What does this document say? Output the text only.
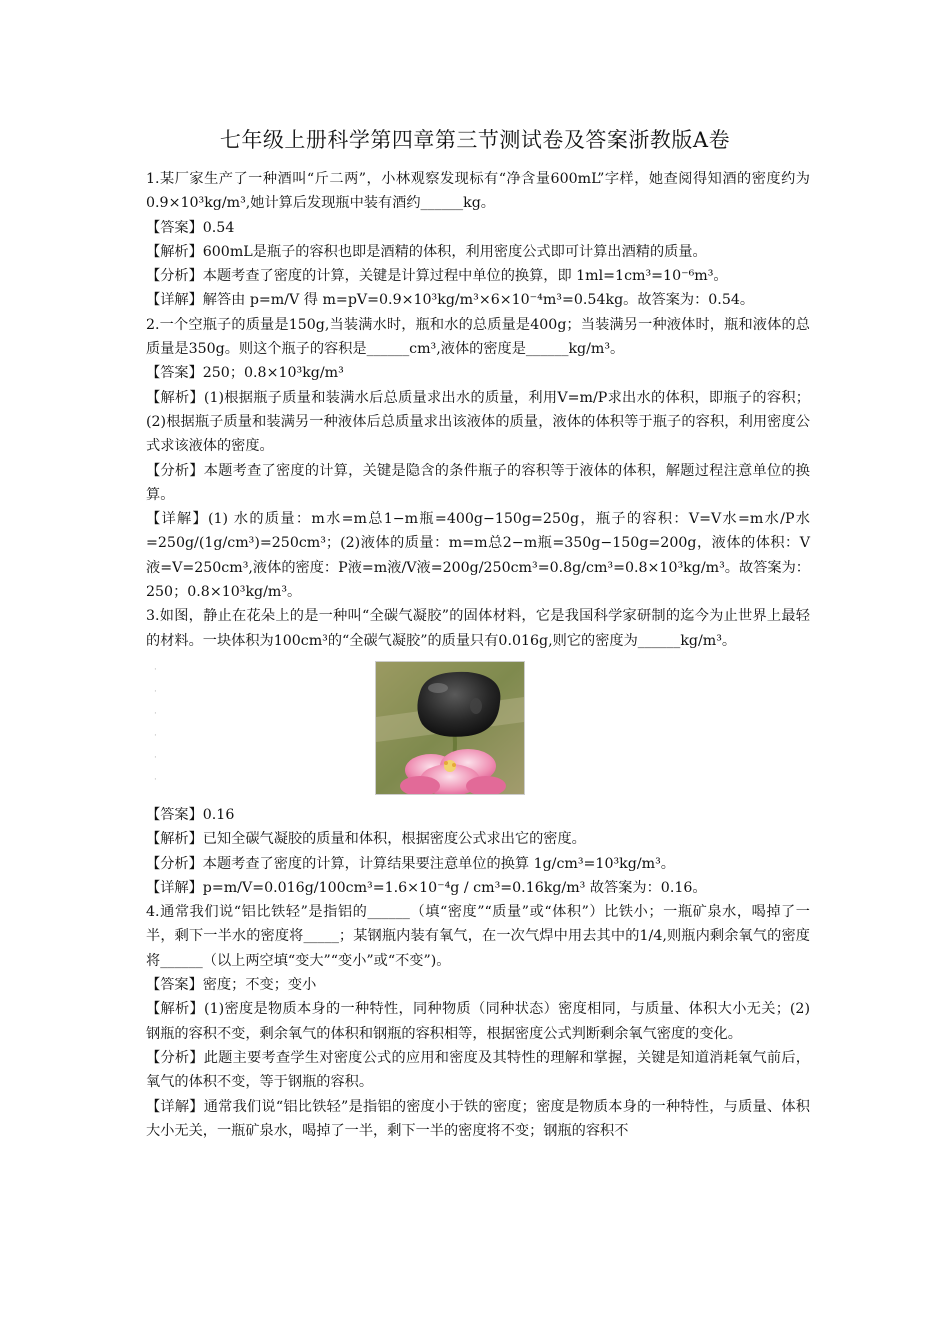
七年级上册科学第四章第三节测试卷及答案浙教版A卷

1.某厂家生产了一种酒叫“斤二两”，小林观察发现标有“净含量600mL”字样，她查阅得知酒的密度约为0.9×10³kg/m³,她计算后发现瓶中装有酒约______kg。

【答案】0.54

【解析】600mL是瓶子的容积也即是酒精的体积，利用密度公式即可计算出酒精的质量。

【分析】本题考查了密度的计算，关键是计算过程中单位的换算，即 1ml=1cm³=10⁻⁶m³。

【详解】解答由 p=m/V 得 m=pV=0.9×10³kg/m³×6×10⁻⁴m³=0.54kg。故答案为：0.54。

2.一个空瓶子的质量是150g,当装满水时，瓶和水的总质量是400g；当装满另一种液体时，瓶和液体的总质量是350g。则这个瓶子的容积是______cm³,液体的密度是______kg/m³。

【答案】250；0.8×10³kg/m³

【解析】(1)根据瓶子质量和装满水后总质量求出水的质量，利用V=m/P求出水的体积，即瓶子的容积；(2)根据瓶子质量和装满另一种液体后总质量求出该液体的质量，液体的体积等于瓶子的容积，利用密度公式求该液体的密度。

【分析】本题考查了密度的计算，关键是隐含的条件瓶子的容积等于液体的体积，解题过程注意单位的换算。

【详解】(1) 水的质量：m水=m总1−m瓶=400g−150g=250g，瓶子的容积：V=V水=m水/P水=250g/(1g/cm³)=250cm³；(2)液体的质量：m=m总2−m瓶=350g−150g=200g，液体的体积：V液=V=250cm³,液体的密度：P液=m液/V液=200g/250cm³=0.8g/cm³=0.8×10³kg/m³。故答案为：250；0.8×10³kg/m³。

3.如图，静止在花朵上的是一种叫“全碳气凝胶”的固体材料，它是我国科学家研制的迄今为止世界上最轻的材料。一块体积为100cm³的“全碳气凝胶”的质量只有0.016g,则它的密度为______kg/m³。

·
·
·
·
·
·

【答案】0.16

【解析】已知全碳气凝胶的质量和体积，根据密度公式求出它的密度。

【分析】本题考查了密度的计算，计算结果要注意单位的换算 1g/cm³=10³kg/m³。

【详解】p=m/V=0.016g/100cm³=1.6×10⁻⁴g / cm³=0.16kg/m³ 故答案为：0.16。

4.通常我们说“铝比铁轻”是指铝的______（填“密度”“质量”或“体积”）比铁小；一瓶矿泉水，喝掉了一半，剩下一半水的密度将_____；某钢瓶内装有氧气，在一次气焊中用去其中的1/4,则瓶内剩余氧气的密度将______（以上两空填“变大”“变小”或“不变”)。

【答案】密度；不变；变小

【解析】(1)密度是物质本身的一种特性，同种物质（同种状态）密度相同，与质量、体积大小无关；(2)钢瓶的容积不变，剩余氧气的体积和钢瓶的容积相等，根据密度公式判断剩余氧气密度的变化。

【分析】此题主要考查学生对密度公式的应用和密度及其特性的理解和掌握，关键是知道消耗氧气前后，氧气的体积不变，等于钢瓶的容积。

【详解】通常我们说“铝比铁轻”是指铝的密度小于铁的密度；密度是物质本身的一种特性，与质量、体积大小无关，一瓶矿泉水，喝掉了一半，剩下一半的密度将不变；钢瓶的容积不
